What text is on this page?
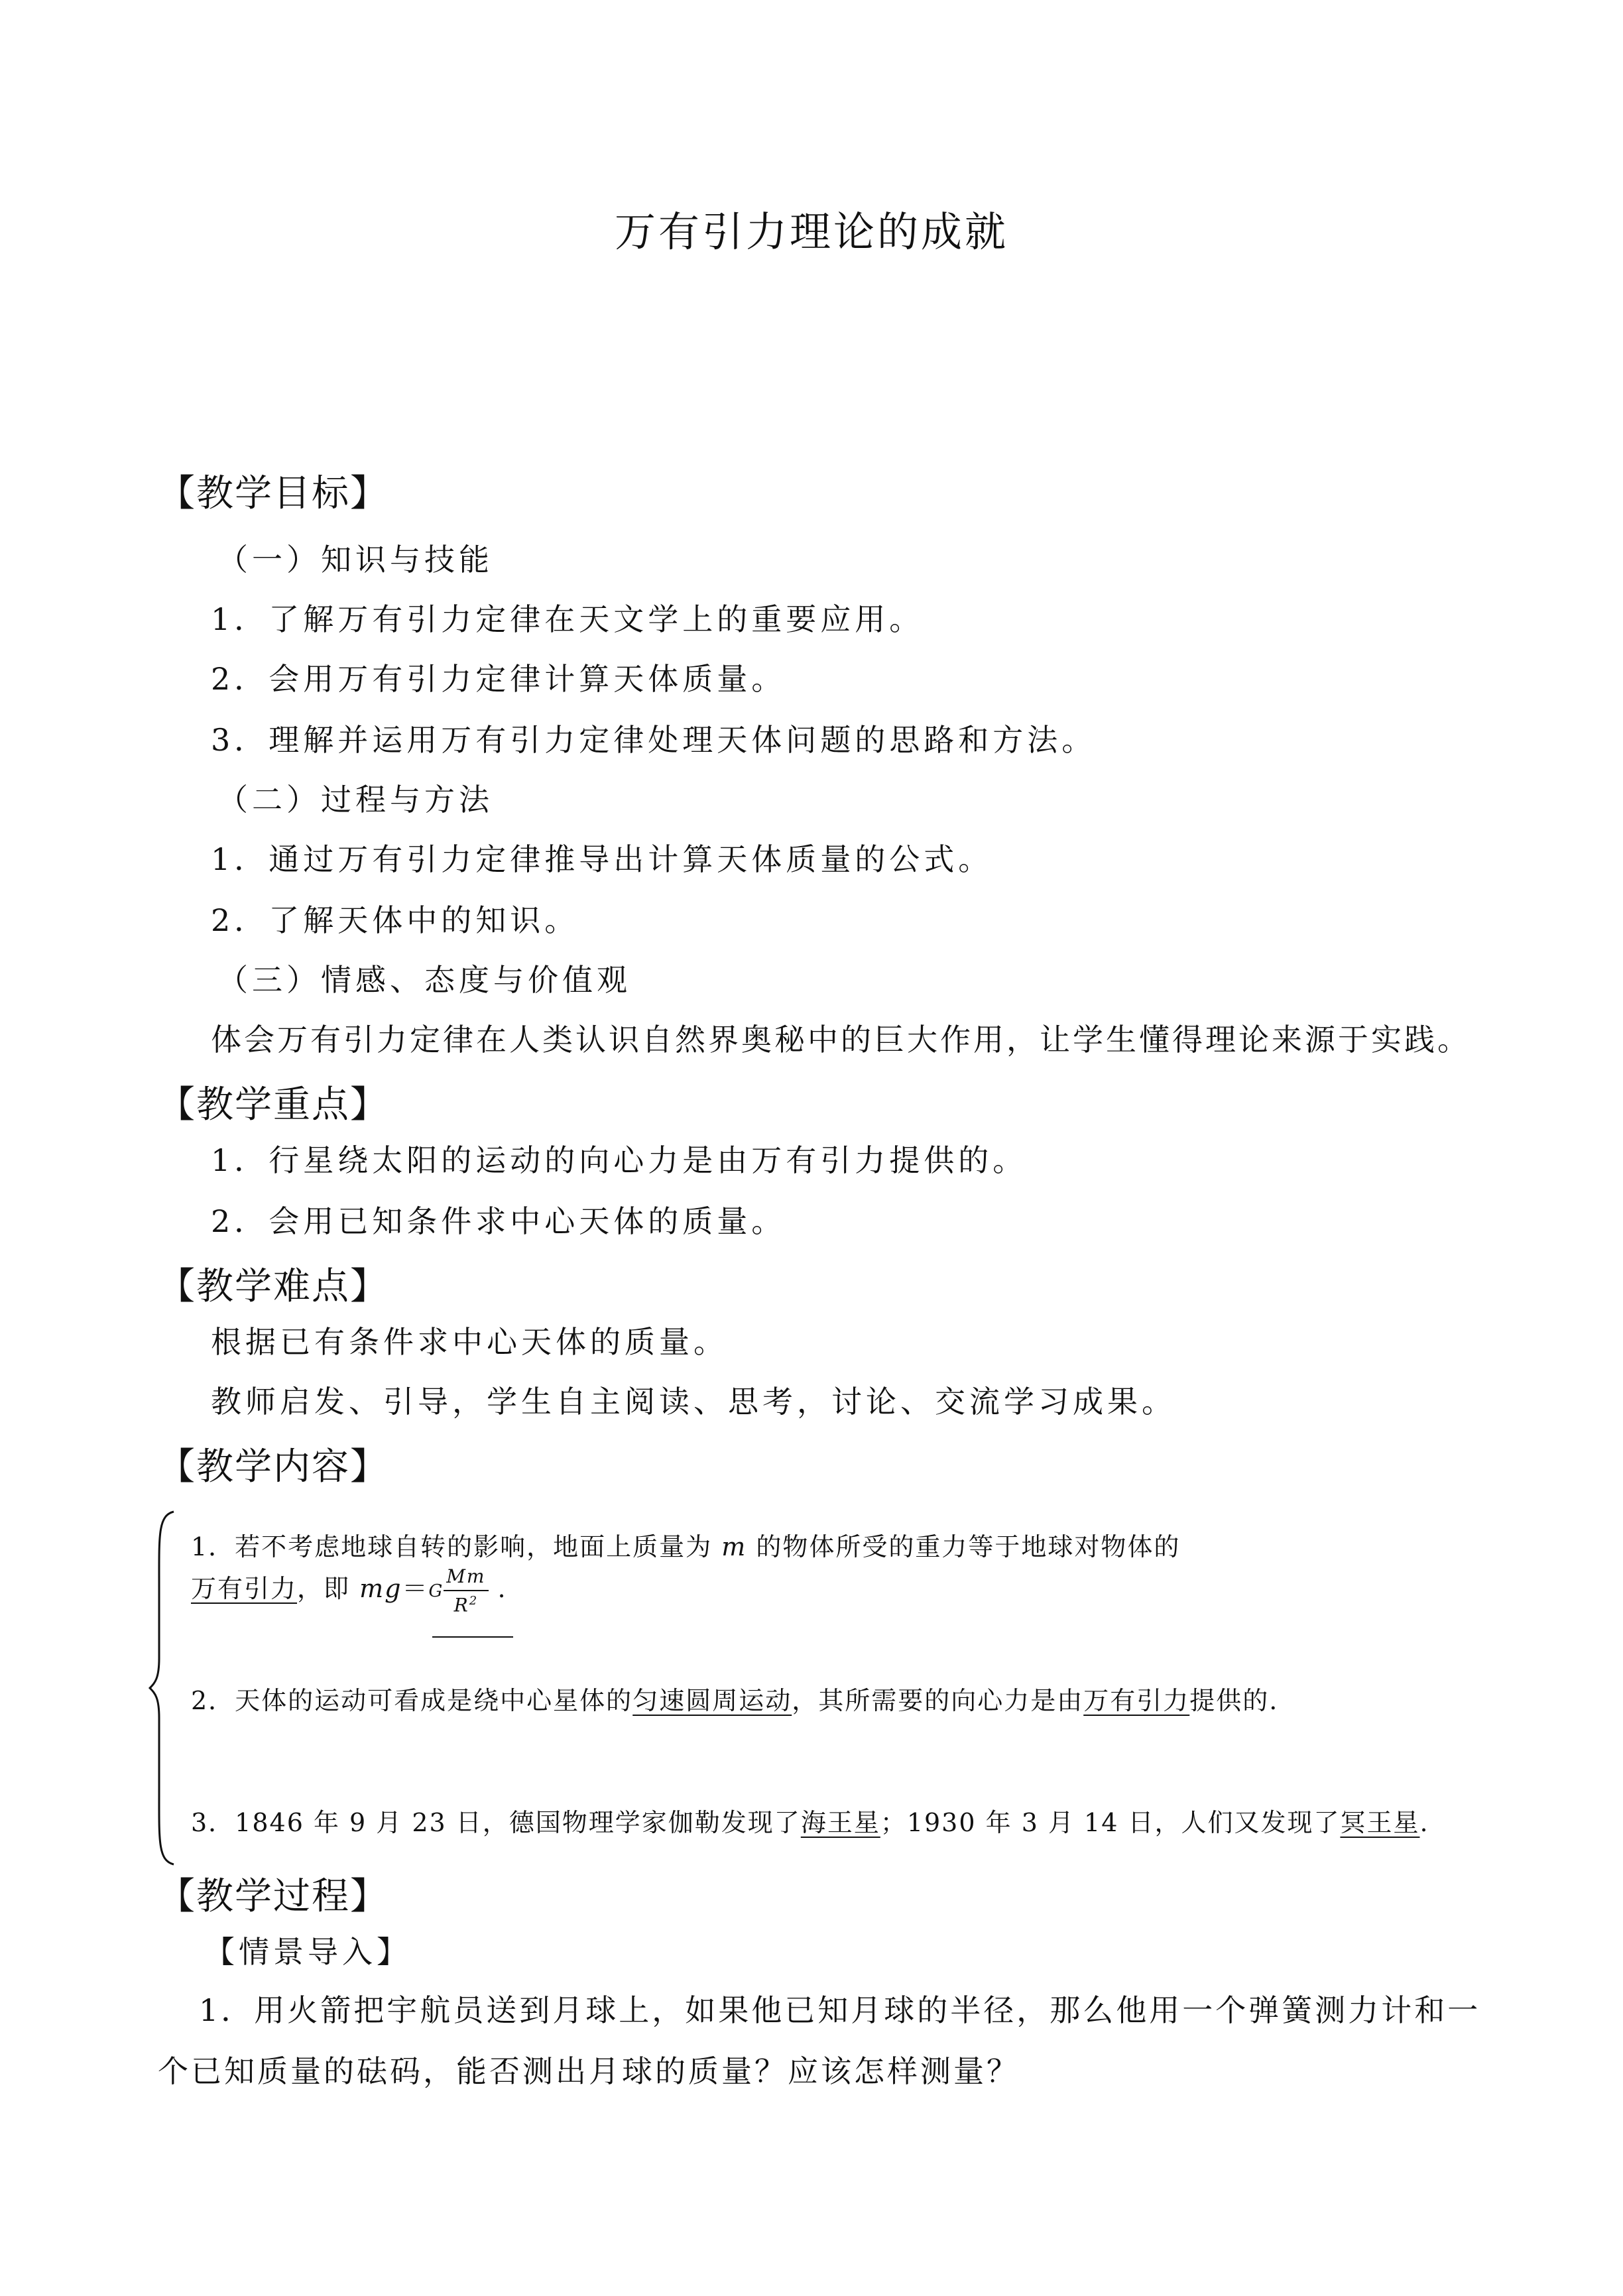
万有引力理论的成就
【教学目标】
（一）知识与技能
1．了解万有引力定律在天文学上的重要应用。
2．会用万有引力定律计算天体质量。
3．理解并运用万有引力定律处理天体问题的思路和方法。
（二）过程与方法
1．通过万有引力定律推导出计算天体质量的公式。
2．了解天体中的知识。
（三）情感、态度与价值观
体会万有引力定律在人类认识自然界奥秘中的巨大作用，让学生懂得理论来源于实践。
【教学重点】
1．行星绕太阳的运动的向心力是由万有引力提供的。
2．会用已知条件求中心天体的质量。
【教学难点】
根据已有条件求中心天体的质量。
教师启发、引导，学生自主阅读、思考，讨论、交流学习成果。
【教学内容】
1．若不考虑地球自转的影响，地面上质量为 m 的物体所受的重力等于地球对物体的
万有引力，即 $mg=G \frac{Mm}{R^2}$ .
2．天体的运动可看成是绕中心星体的匀速圆周运动，其所需要的向心力是由万有引力提供的.
3．1846 年 9 月 23 日，德国物理学家伽勒发现了海王星；1930 年 3 月 14 日，人们又发现了冥王星.
【教学过程】
【情景导入】
1．用火箭把宇航员送到月球上，如果他已知月球的半径，那么他用一个弹簧测力计和一
个已知质量的砝码，能否测出月球的质量？应该怎样测量？
